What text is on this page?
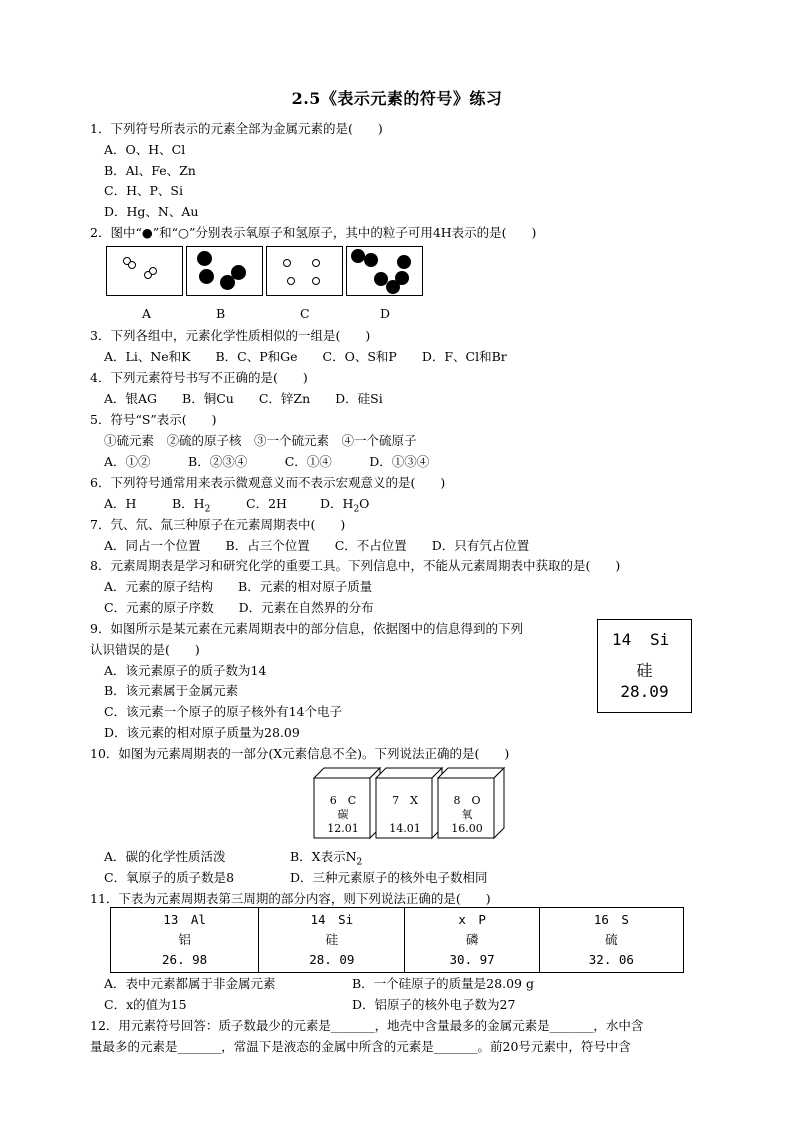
2.5《表示元素的符号》练习
1．下列符号所表示的元素全部为金属元素的是(　　)
A．O、H、Cl
B．Al、Fe、Zn
C．H、P、Si
D．Hg、N、Au
2．图中“●”和“○”分别表示氧原子和氢原子，其中的粒子可用4H表示的是(　　)
A	B	C	D
3．下列各组中，元素化学性质相似的一组是(　　)
A．Li、Ne和K　　B．C、P和Ge　　C．O、S和P　　D．F、Cl和Br
4．下列元素符号书写不正确的是(　　)
A．银AG　　B．铜Cu　　C．锌Zn　　D．硅Si
5．符号“S”表示(　　)
①硫元素　②硫的原子核　③一个硫元素　④一个硫原子
A．①②　　　B．②③④　　　C．①④　　　D．①③④
6．下列符号通常用来表示微观意义而不表示宏观意义的是(　　)
A．H	B．$H_2$	C．2H	D．$H_2O$
7．氕、氘、氚三种原子在元素周期表中(　　)
A．同占一个位置　　B．占三个位置　　C．不占位置　　D．只有氕占位置
8．元素周期表是学习和研究化学的重要工具。下列信息中，不能从元素周期表中获取的是(　　)
A．元素的原子结构　　B．元素的相对原子质量
C．元素的原子序数　　D．元素在自然界的分布
9．如图所示是某元素在元素周期表中的部分信息，依据图中的信息得到的下列
认识错误的是(　　)
A．该元素原子的质子数为14
B．该元素属于金属元素
C．该元素一个原子的原子核外有14个电子
D．该元素的相对原子质量为28.09
14 Si
硅
28.09
10．如图为元素周期表的一部分(X元素信息不全)。下列说法正确的是(　　)
6　C
碳
12.01
7　X
14.01
8　O
氧
16.00
A．碳的化学性质活泼	B．X表示$N_2$
C．氧原子的质子数是8	D．三种元素原子的核外电子数相同
11．下表为元素周期表第三周期的部分内容，则下列说法正确的是(　　)
13　Al
铝
26. 98

14　Si
硅
28. 09

x　P
磷
30. 97

16　S
硫
32. 06
A．表中元素都属于非金属元素	B．一个硅原子的质量是28.09 g
C．x的值为15	D．铝原子的核外电子数为27
12．用元素符号回答：质子数最少的元素是_______，地壳中含量最多的金属元素是_______，水中含
量最多的元素是_______，常温下是液态的金属中所含的元素是_______。前20号元素中，符号中含
